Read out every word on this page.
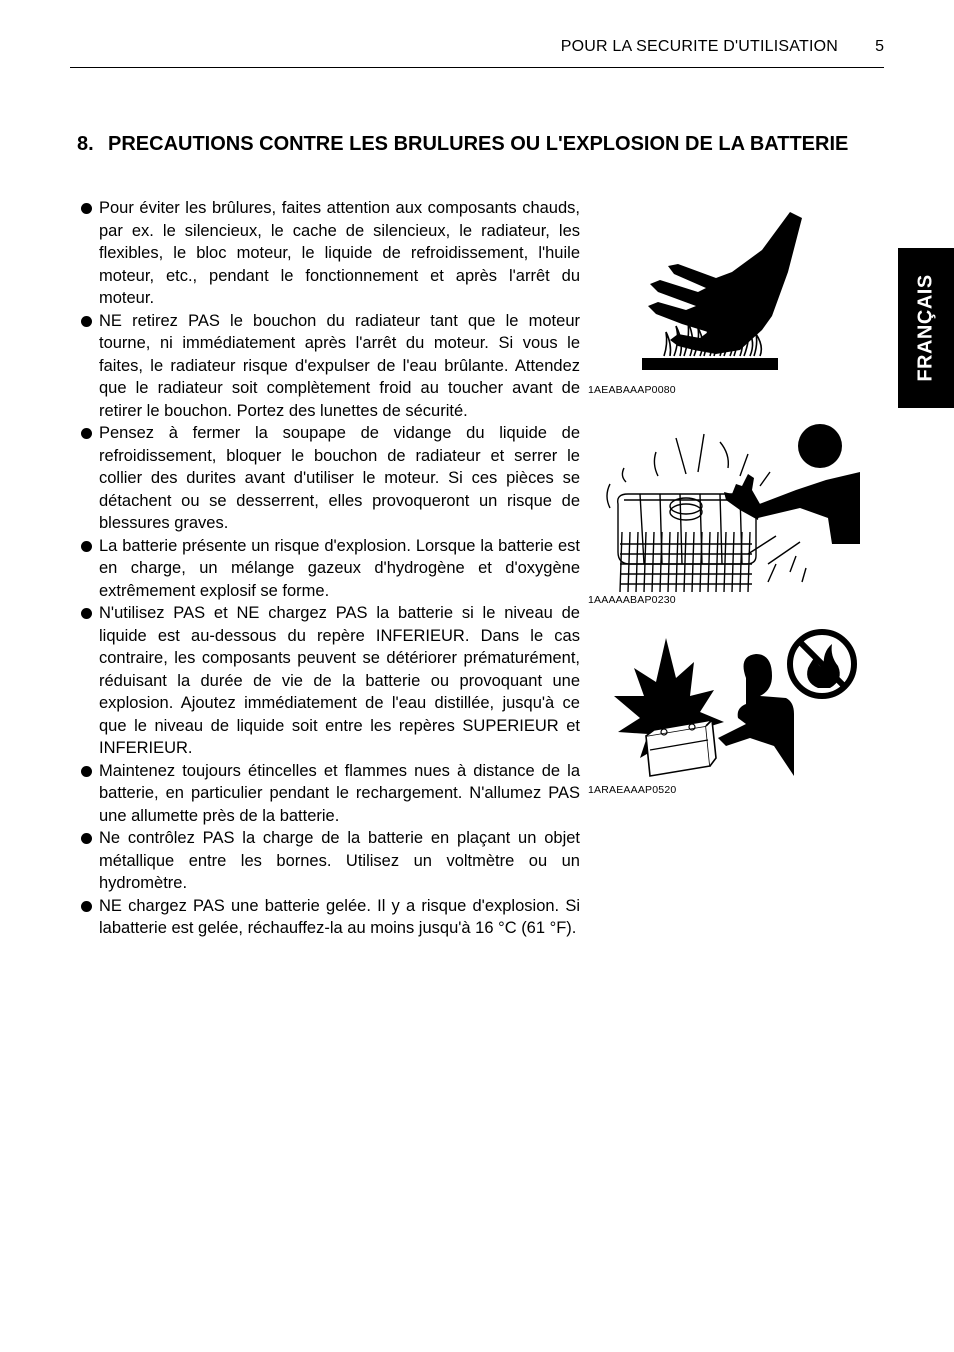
POUR LA SECURITE D'UTILISATION 5
FRANÇAIS
8. PRECAUTIONS CONTRE LES BRULURES OU L'EXPLOSION DE LA BATTERIE
Pour éviter les brûlures, faites attention aux composants chauds, par ex. le silencieux, le cache de silencieux, le radiateur, les flexibles, le bloc moteur, le liquide de refroidissement, l'huile moteur, etc., pendant le fonctionnement et après l'arrêt du moteur.
NE retirez PAS le bouchon du radiateur tant que le moteur tourne, ni immédiatement après l'arrêt du moteur. Si vous le faites, le radiateur risque d'expulser de l'eau brûlante. Attendez que le radiateur soit complètement froid au toucher avant de retirer le bouchon. Portez des lunettes de sécurité.
Pensez à fermer la soupape de vidange du liquide de refroidissement, bloquer le bouchon de radiateur et serrer le collier des durites avant d'utiliser le moteur. Si ces pièces se détachent ou se desserrent, elles provoqueront un risque de blessures graves.
La batterie présente un risque d'explosion. Lorsque la batterie est en charge, un mélange gazeux d'hydrogène et d'oxygène extrêmement explosif se forme.
N'utilisez PAS et NE chargez PAS la batterie si le niveau de liquide est au-dessous du repère INFERIEUR. Dans le cas contraire, les composants peuvent se détériorer prématurément, réduisant la durée de vie de la batterie ou provoquant une explosion. Ajoutez immédiatement de l'eau distillée, jusqu'à ce que le niveau de liquide soit entre les repères SUPERIEUR et INFERIEUR.
Maintenez toujours étincelles et flammes nues à distance de la batterie, en particulier pendant le rechargement. N'allumez PAS une allumette près de la batterie.
Ne contrôlez PAS la charge de la batterie en plaçant un objet métallique entre les bornes. Utilisez un voltmètre ou un hydromètre.
NE chargez PAS une batterie gelée. Il y a risque d'explosion. Si labatterie est gelée, réchauffez-la au moins jusqu'à 16 °C (61 °F).
1AEABAAAP0080
1AAAAABAP0230
1ARAEAAAP0520
